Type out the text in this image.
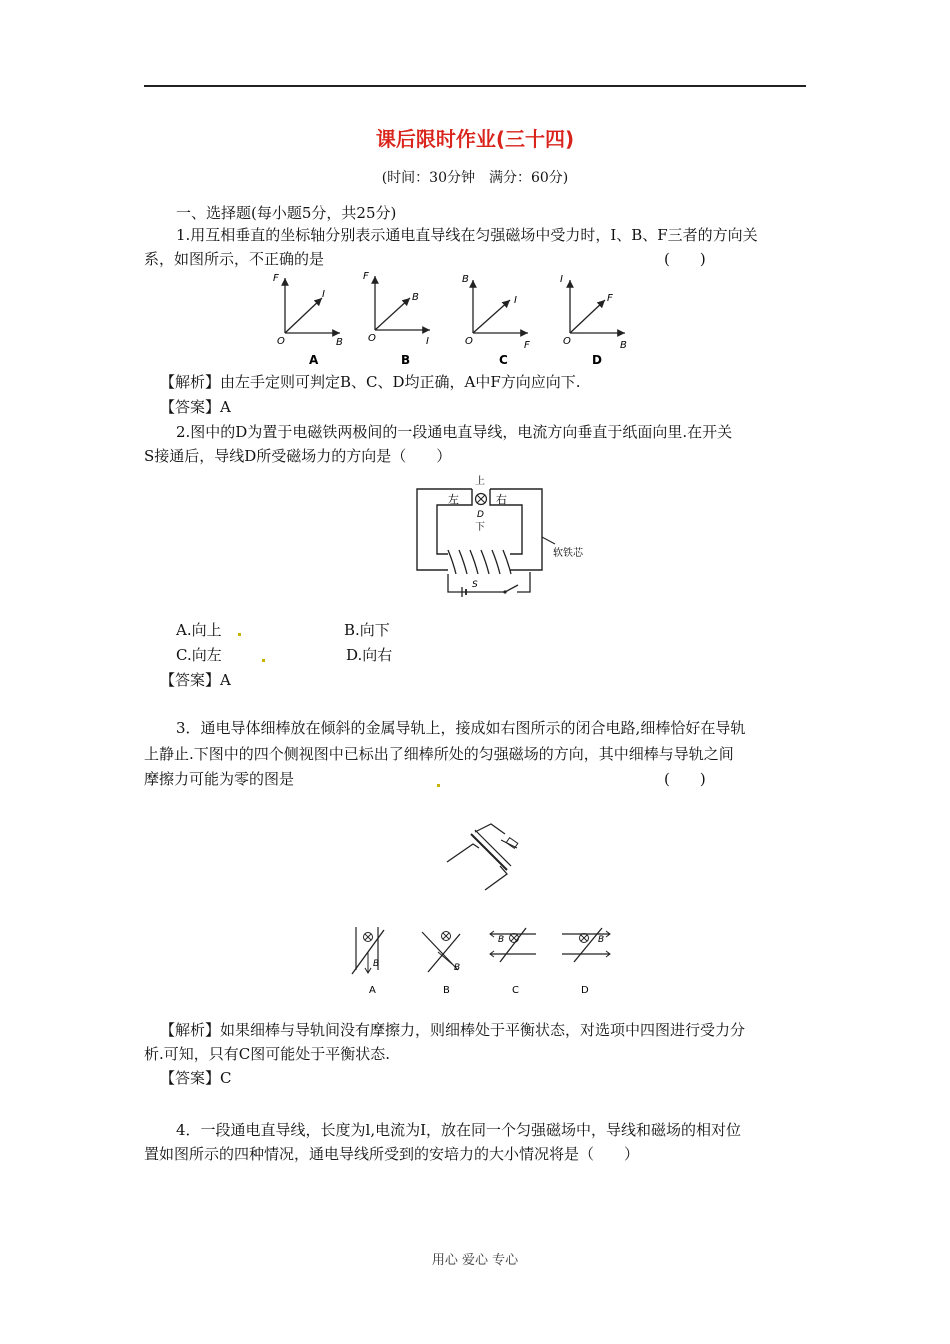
课后限时作业(三十四)
(时间：30分钟　满分：60分)
一、选择题(每小题5分，共25分)
1.用互相垂直的坐标轴分别表示通电直导线在匀强磁场中受力时，I、B、F三者的方向关
系，如图所示，不正确的是	(　　)
F
B
I
O
A
F
I
B
O
B
B
F
I
O
C
I
B
F
O
D
【解析】由左手定则可判定B、C、D均正确，A中F方向应向下.
【答案】A
2.图中的D为置于电磁铁两极间的一段通电直导线，电流方向垂直于纸面向里.在开关
S接通后，导线D所受磁场力的方向是（　　）
上
左	右
D
下
S
软铁芯
A.向上	B.向下
C.向左	D.向右
【答案】A
3．通电导体细棒放在倾斜的金属导轨上，接成如右图所示的闭合电路,细棒恰好在导轨
上静止.下图中的四个侧视图中已标出了细棒所处的匀强磁场的方向，其中细棒与导轨之间
摩擦力可能为零的图是	(　　)
B
A
B
B
B
C
B
D
【解析】如果细棒与导轨间没有摩擦力，则细棒处于平衡状态，对选项中四图进行受力分
析.可知，只有C图可能处于平衡状态.
【答案】C
4．一段通电直导线，长度为l,电流为I，放在同一个匀强磁场中，导线和磁场的相对位
置如图所示的四种情况，通电导线所受到的安培力的大小情况将是（　　）
用心 爱心 专心
